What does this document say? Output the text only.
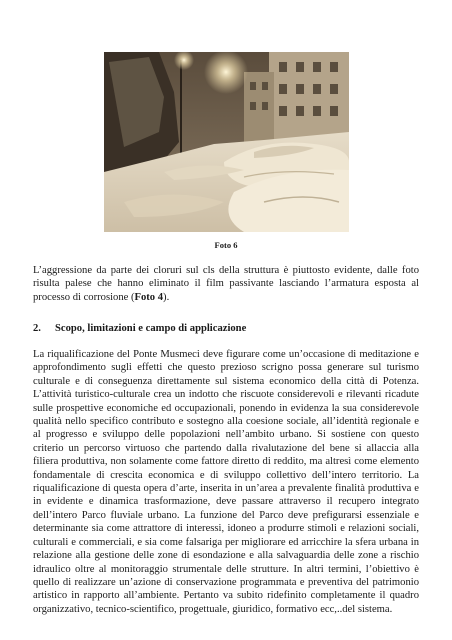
Foto 6

L’aggressione da parte dei cloruri sul cls della struttura è piuttosto evidente, dalle foto risulta palese che hanno eliminato il film passivante lasciando l’armatura esposta al processo di corrosione (Foto 4).

2. Scopo, limitazioni e campo di applicazione

La riqualificazione del Ponte Musmeci deve figurare come un’occasione di meditazione e approfondimento sugli effetti che questo prezioso scrigno possa generare sul turismo culturale e di conseguenza direttamente sul sistema economico della città di Potenza. L’attività turistico-culturale crea un indotto che riscuote considerevoli e rilevanti ricadute sulle prospettive economiche ed occupazionali, ponendo in evidenza la sua considerevole qualità nello specifico contributo e sostegno alla coesione sociale, all’identità regionale e al progresso e sviluppo delle popolazioni nell’ambito urbano. Si sostiene con questo criterio un percorso virtuoso che partendo dalla rivalutazione del bene si allaccia alla filiera produttiva, non solamente come fattore diretto di reddito, ma altresì come elemento fondamentale di crescita economica e di sviluppo collettivo dell’intero territorio. La riqualificazione di questa opera d’arte, inserita in un’area a prevalente finalità produttiva e in evidente e dinamica trasformazione, deve passare attraverso il recupero integrato dell’intero Parco fluviale urbano. La funzione del Parco deve prefigurarsi essenziale e determinante sia come attrattore di interessi, idoneo a produrre stimoli e relazioni sociali, culturali e commerciali, e sia come falsariga per migliorare ed arricchire la sfera urbana in relazione alla gestione delle zone di esondazione e alla salvaguardia delle zone a rischio idraulico oltre al monitoraggio strumentale delle strutture. In altri termini, l’obiettivo è quello di realizzare un’azione di conservazione programmata e preventiva del patrimonio artistico in rapporto all’ambiente. Pertanto va subito ridefinito completamente il quadro organizzativo, tecnico-scientifico, progettuale, giuridico, formativo ecc,..del sistema.
